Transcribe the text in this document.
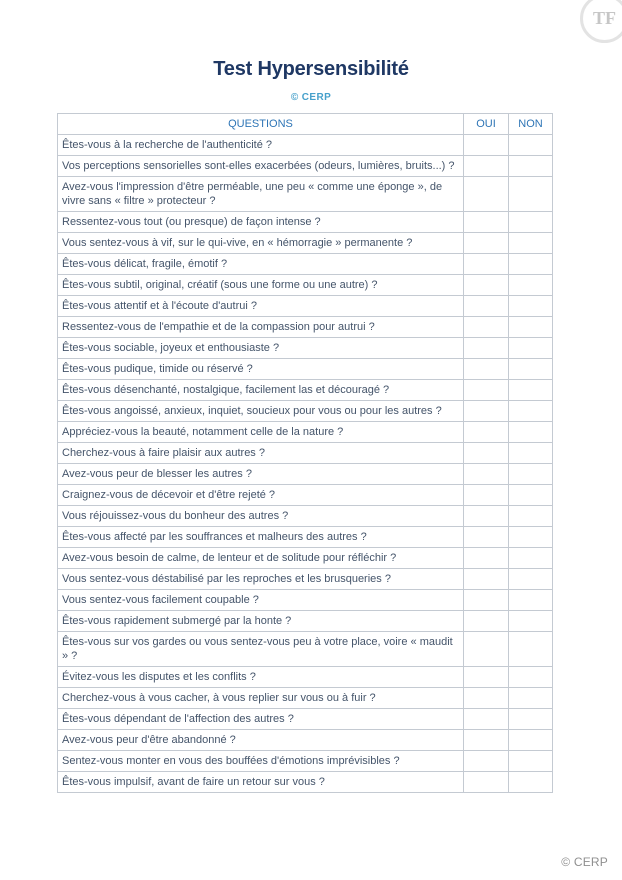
TF
Test Hypersensibilité
© CERP
QUESTIONS	OUI	NON
Êtes-vous à la recherche de l'authenticité ?		
Vos perceptions sensorielles sont-elles exacerbées (odeurs, lumières, bruits...) ?		
Avez-vous l'impression d'être perméable, une peu « comme une éponge », de vivre sans « filtre » protecteur ?		
Ressentez-vous tout (ou presque) de façon intense ?		
Vous sentez-vous à vif, sur le qui-vive, en « hémorragie » permanente ?		
Êtes-vous délicat, fragile, émotif ?		
Êtes-vous subtil, original, créatif (sous une forme ou une autre) ?		
Êtes-vous attentif et à l'écoute d'autrui ?		
Ressentez-vous de l'empathie et de la compassion pour autrui ?		
Êtes-vous sociable, joyeux et enthousiaste ?		
Êtes-vous pudique, timide ou réservé ?		
Êtes-vous désenchanté, nostalgique, facilement las et découragé ?		
Êtes-vous angoissé, anxieux, inquiet, soucieux pour vous ou pour les autres ?		
Appréciez-vous la beauté, notamment celle de la nature ?		
Cherchez-vous à faire plaisir aux autres ?		
Avez-vous peur de blesser les autres ?		
Craignez-vous de décevoir et d'être rejeté ?		
Vous réjouissez-vous du bonheur des autres ?		
Êtes-vous affecté par les souffrances et malheurs des autres ?		
Avez-vous besoin de calme, de lenteur et de solitude pour réfléchir ?		
Vous sentez-vous déstabilisé par les reproches et les brusqueries ?		
Vous sentez-vous facilement coupable ?		
Êtes-vous rapidement submergé par la honte ?		
Êtes-vous sur vos gardes ou vous sentez-vous peu à votre place, voire « maudit » ?		
Évitez-vous les disputes et les conflits ?		
Cherchez-vous à vous cacher, à vous replier sur vous ou à fuir ?		
Êtes-vous dépendant de l'affection des autres ?		
Avez-vous peur d'être abandonné ?		
Sentez-vous monter en vous des bouffées d'émotions imprévisibles ?		
Êtes-vous impulsif, avant de faire un retour sur vous ?		
© CERP
